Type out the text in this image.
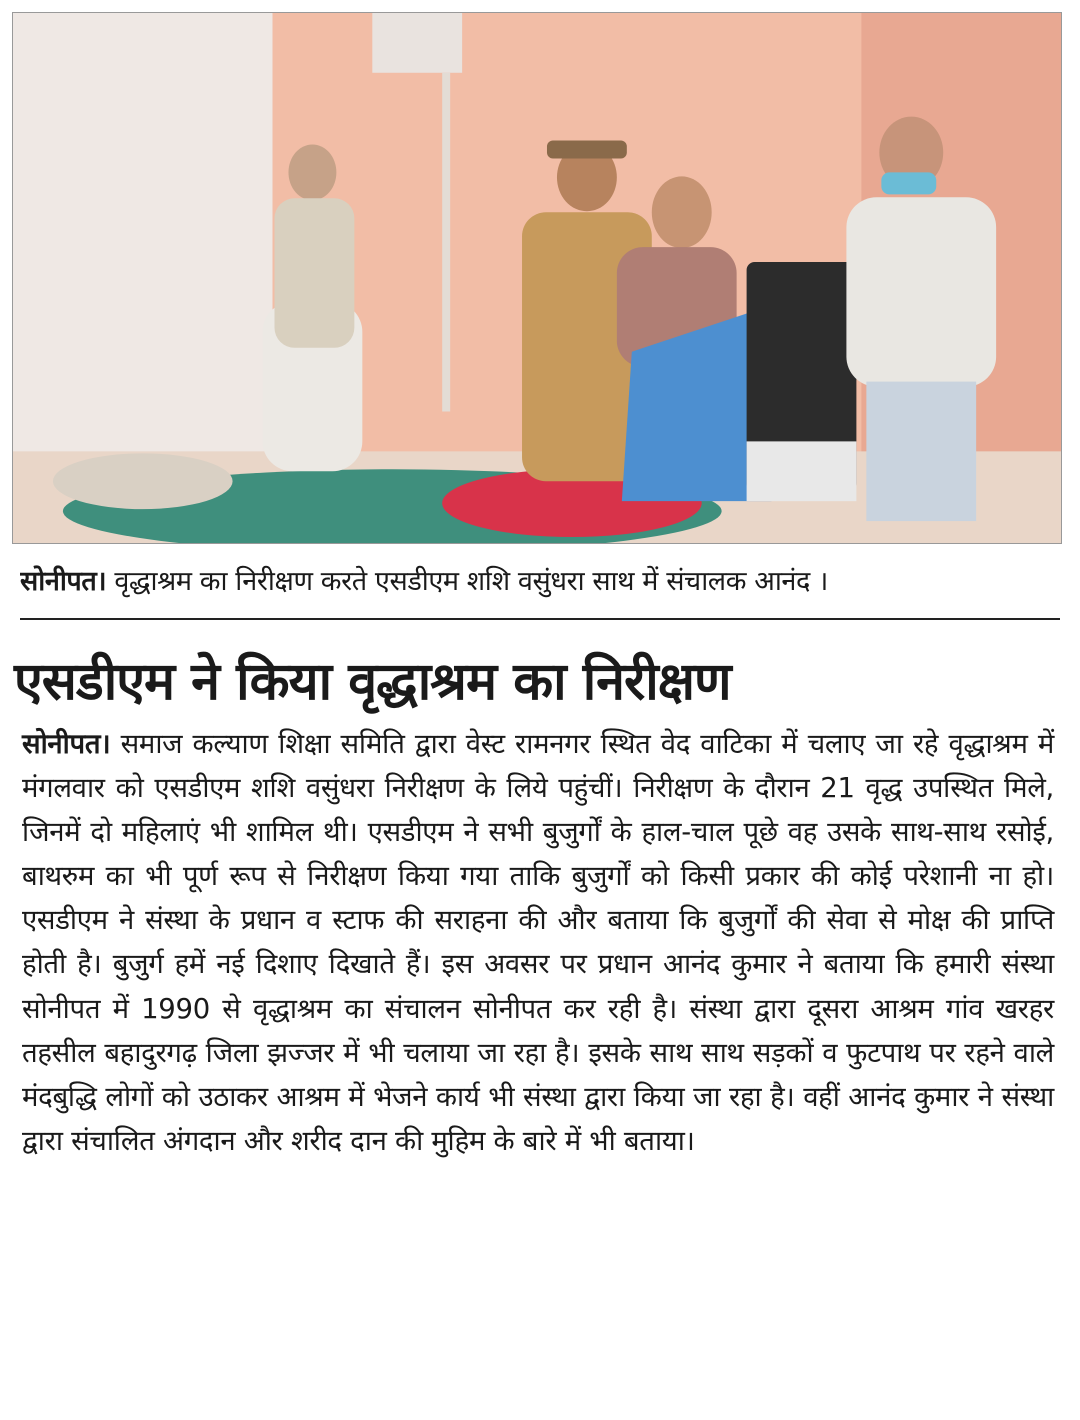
सोनीपत। वृद्धाश्रम का निरीक्षण करते एसडीएम शशि वसुंधरा साथ में संचालक आनंद ।
एसडीएम ने किया वृद्धाश्रम का निरीक्षण
सोनीपत। समाज कल्याण शिक्षा समिति द्वारा वेस्ट रामनगर स्थित वेद वाटिका में चलाए जा रहे वृद्धाश्रम में मंगलवार को एसडीएम शशि वसुंधरा निरीक्षण के लिये पहुंचीं। निरीक्षण के दौरान 21 वृद्ध उपस्थित मिले, जिनमें दो महिलाएं भी शामिल थी। एसडीएम ने सभी बुजुर्गों के हाल-चाल पूछे वह उसके साथ-साथ रसोई, बाथरुम का भी पूर्ण रूप से निरीक्षण किया गया ताकि बुजुर्गों को किसी प्रकार की कोई परेशानी ना हो। एसडीएम ने संस्था के प्रधान व स्टाफ की सराहना की और बताया कि बुजुर्गों की सेवा से मोक्ष की प्राप्ति होती है। बुजुर्ग हमें नई दिशाए दिखाते हैं। इस अवसर पर प्रधान आनंद कुमार ने बताया कि हमारी संस्था सोनीपत में 1990 से वृद्धाश्रम का संचालन सोनीपत कर रही है। संस्था द्वारा दूसरा आश्रम गांव खरहर तहसील बहादुरगढ़ जिला झज्जर में भी चलाया जा रहा है। इसके साथ साथ सड़कों व फुटपाथ पर रहने वाले मंदबुद्धि लोगों को उठाकर आश्रम में भेजने कार्य भी संस्था द्वारा किया जा रहा है। वहीं आनंद कुमार ने संस्था द्वारा संचालित अंगदान और शरीद दान की मुहिम के बारे में भी बताया।
